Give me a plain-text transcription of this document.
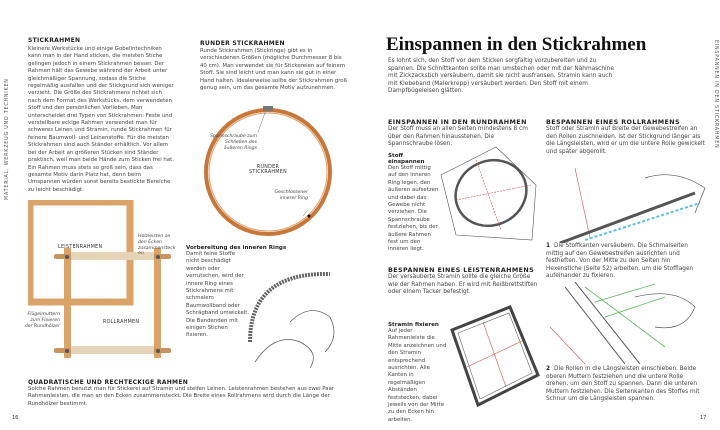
MATERIAL, WERKZEUG UND TECHNIKEN
STICKRAHMEN
Kleinere Werkstücke und einige Gobelintechniken kann man in der Hand sticken, die meisten Stiche gelingen jedoch in einem Stickrahmen besser. Der Rahmen hält das Gewebe während der Arbeit unter gleichmäßiger Spannung, sodass die Stiche regelmäßig ausfallen und der Stickgrund sich weniger verzieht. Die Größe des Stickrahmens richtet sich nach dem Format des Werkstücks, dem verwendeten Stoff und den persönlichen Vorlieben. Man unterscheidet drei Typen von Stickrahmen: Feste und verstellbare eckige Rahmen verwendet man für schweres Leinen und Stramin, runde Stickrahmen für feinere Baumwoll- und Leinenstoffe. Für die meisten Stickrahmen sind auch Ständer erhältlich. Vor allem bei der Arbeit an größeren Stücken sind Ständer praktisch, weil man beide Hände zum Sticken frei hat. Ein Rahmen muss stets so groß sein, dass das gesamte Motiv darin Platz hat, denn beim Umspannen würden sonst bereits bestickte Bereiche zu leicht beschädigt.
RUNDER STICKRAHMEN
Runde Stickrahmen (Stickringe) gibt es in verschiedenen Größen (mögliche Durchmesser 8 bis 40 cm). Man verwendet sie für Stickereien auf feinem Stoff. Sie sind leicht und man kann sie gut in einer Hand halten. Idealerweise sollte der Stickrahmen groß genug sein, um das gesamte Motiv aufzunehmen.
Spannschraube zum Schließen des äußeren Rings
RUNDER STICKRAHMEN
Geschlossener innerer Ring
LEISTENRAHMEN
ROLLRAHMEN
Holzleisten an den Ecken zusammenstecken
Flügelmuttern zum Fixieren der Rundhölzer
Vorbereitung des inneren Rings
Damit feine Stoffe nicht beschädigt werden oder verrutschen, wird der innere Ring eines Stickrahmens mit schmalem Baumwollband oder Schrägband umwickelt. Die Bandenden mit einigen Stichen fixieren.
QUADRATISCHE UND RECHTECKIGE RAHMEN
Solche Rahmen benutzt man für Stickerei auf Stramin und steifen Leinen. Leistenrahmen bestehen aus zwei Paar Rahmenleisten, die man an den Ecken zusammensteckt. Die Breite eines Rollrahmens wird durch die Länge der Rundhölzer bestimmt.
16
Einspannen in den Stickrahmen
Es lohnt sich, den Stoff vor dem Sticken sorgfältig vorzubereiten und zu spannen. Die Schnittkanten sollte man umstechen oder mit der Nähmaschine mit Zickzackstich versäubern, damit sie nicht ausfransen. Stramin kann auch mit Klebeband (Malerkrepp) versäubert werden. Den Stoff mit einem Dampfbügeleisen glätten.	EINSPANNEN IN DEN STICKRAHMEN
EINSPANNEN IN DEN RUNDRAHMEN
Der Stoff muss an allen Seiten mindestens 8 cm über den Rahmen hinausstehen. Die Spannschraube lösen.
Stoff einspannen
Den Stoff mittig auf den inneren Ring legen, den äußeren aufsetzen und dabei das Gewebe nicht verziehen. Die Spannschraube festziehen, bis der äußere Rahmen fest um den inneren liegt.
BESPANNEN EINES LEISTENRAHMENS
Der versäuberte Stramin sollte die gleiche Größe wie der Rahmen haben. Er wird mit Reißbrettstiften oder einem Tacker befestigt.
Stramin fixieren
Auf jeder Rahmenleiste die Mitte anzeichnen und den Stramin entsprechend ausrichten. Alle Kanten in regelmäßigen Abständen feststecken, dabei jeweils von der Mitte zu den Ecken hin arbeiten.
BESPANNEN EINES ROLLRAHMENS
Stoff oder Stramin auf Breite der Gewebestreifen an den Rollen zuschneiden. Ist der Stickgrund länger als die Längsleisten, wird er um die untere Rolle gewickelt und später abgerollt.
1 Die Stoffkanten versäubern. Die Schmalseiten mittig auf den Gewebestreifen ausrichten und festheften. Von der Mitte zu den Seiten hin Hexenstiche (Seite 52) arbeiten, um die Stofflagen aufeinander zu fixieren.
2 Die Rollen in die Längsleisten einschieben. Beide oberen Muttern festziehen und die untere Rolle drehen, um den Stoff zu spannen. Dann die unteren Muttern festziehen. Die Seitenkanten des Stoffes mit Schnur um die Längsleisten spannen.
17
